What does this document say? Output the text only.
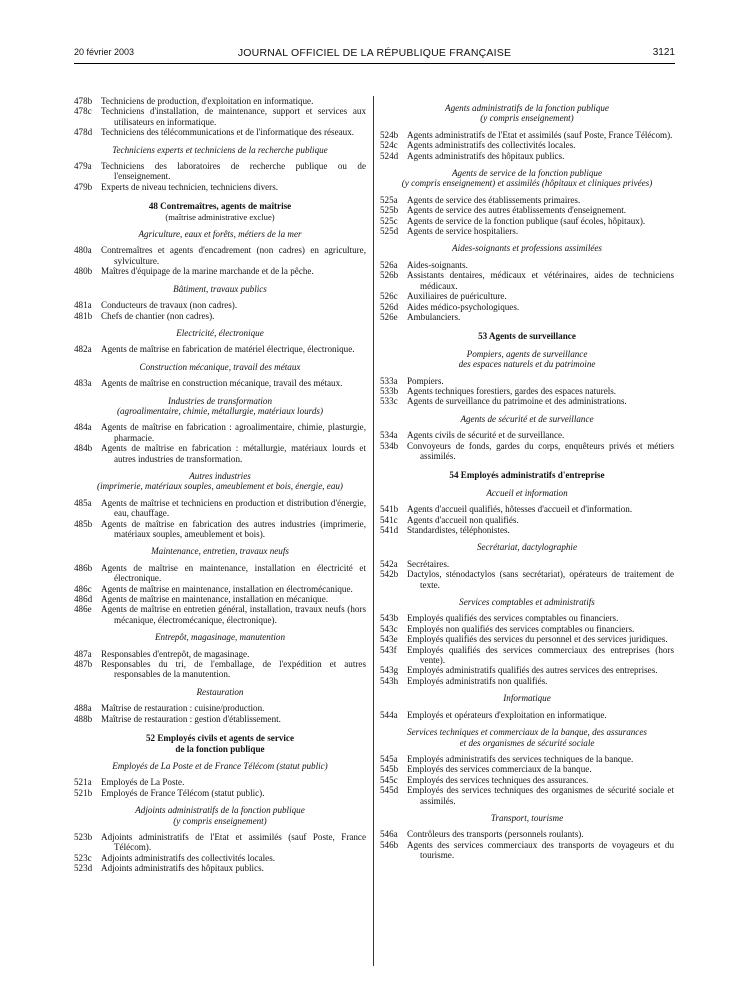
20 février 2003	JOURNAL OFFICIEL DE LA RÉPUBLIQUE FRANÇAISE	3121
478b Techniciens de production, d'exploitation en informatique.
478c Techniciens d'installation, de maintenance, support et services aux utilisateurs en informatique.
478d Techniciens des télécommunications et de l'informatique des réseaux.
Techniciens experts et techniciens de la recherche publique
479a Techniciens des laboratoires de recherche publique ou de l'enseignement.
479b Experts de niveau technicien, techniciens divers.
48 Contremaîtres, agents de maîtrise
(maîtrise administrative exclue)
Agriculture, eaux et forêts, métiers de la mer
480a Contremaîtres et agents d'encadrement (non cadres) en agriculture, sylviculture.
480b Maîtres d'équipage de la marine marchande et de la pêche.
Bâtiment, travaux publics
481a Conducteurs de travaux (non cadres).
481b Chefs de chantier (non cadres).
Electricité, électronique
482a Agents de maîtrise en fabrication de matériel électrique, électronique.
Construction mécanique, travail des métaux
483a Agents de maîtrise en construction mécanique, travail des métaux.
Industries de transformation
(agroalimentaire, chimie, métallurgie, matériaux lourds)
484a Agents de maîtrise en fabrication : agroalimentaire, chimie, plasturgie, pharmacie.
484b Agents de maîtrise en fabrication : métallurgie, matériaux lourds et autres industries de transformation.
Autres industries
(imprimerie, matériaux souples, ameublement et bois, énergie, eau)
485a Agents de maîtrise et techniciens en production et distribution d'énergie, eau, chauffage.
485b Agents de maîtrise en fabrication des autres industries (imprimerie, matériaux souples, ameublement et bois).
Maintenance, entretien, travaux neufs
486b Agents de maîtrise en maintenance, installation en électricité et électronique.
486c Agents de maîtrise en maintenance, installation en électromécanique.
486d Agents de maîtrise en maintenance, installation en mécanique.
486e Agents de maîtrise en entretien général, installation, travaux neufs (hors mécanique, électromécanique, électronique).
Entrepôt, magasinage, manutention
487a Responsables d'entrepôt, de magasinage.
487b Responsables du tri, de l'emballage, de l'expédition et autres responsables de la manutention.
Restauration
488a Maîtrise de restauration : cuisine/production.
488b Maîtrise de restauration : gestion d'établissement.
52 Employés civils et agents de service
de la fonction publique
Employés de La Poste et de France Télécom (statut public)
521a Employés de La Poste.
521b Employés de France Télécom (statut public).
Adjoints administratifs de la fonction publique
(y compris enseignement)
523b Adjoints administratifs de l'Etat et assimilés (sauf Poste, France Télécom).
523c Adjoints administratifs des collectivités locales.
523d Adjoints administratifs des hôpitaux publics.
Agents administratifs de la fonction publique
(y compris enseignement)
524b Agents administratifs de l'Etat et assimilés (sauf Poste, France Télécom).
524c Agents administratifs des collectivités locales.
524d Agents administratifs des hôpitaux publics.
Agents de service de la fonction publique
(y compris enseignement) et assimilés (hôpitaux et cliniques privées)
525a Agents de service des établissements primaires.
525b Agents de service des autres établissements d'enseignement.
525c Agents de service de la fonction publique (sauf écoles, hôpitaux).
525d Agents de service hospitaliers.
Aides-soignants et professions assimilées
526a Aides-soignants.
526b Assistants dentaires, médicaux et vétérinaires, aides de techniciens médicaux.
526c Auxiliaires de puériculture.
526d Aides médico-psychologiques.
526e Ambulanciers.
53 Agents de surveillance
Pompiers, agents de surveillance
des espaces naturels et du patrimoine
533a Pompiers.
533b Agents techniques forestiers, gardes des espaces naturels.
533c Agents de surveillance du patrimoine et des administrations.
Agents de sécurité et de surveillance
534a Agents civils de sécurité et de surveillance.
534b Convoyeurs de fonds, gardes du corps, enquêteurs privés et métiers assimilés.
54 Employés administratifs d'entreprise
Accueil et information
541b Agents d'accueil qualifiés, hôtesses d'accueil et d'information.
541c Agents d'accueil non qualifiés.
541d Standardistes, téléphonistes.
Secrétariat, dactylographie
542a Secrétaires.
542b Dactylos, sténodactylos (sans secrétariat), opérateurs de traitement de texte.
Services comptables et administratifs
543b Employés qualifiés des services comptables ou financiers.
543c Employés non qualifiés des services comptables ou financiers.
543e Employés qualifiés des services du personnel et des services juridiques.
543f Employés qualifiés des services commerciaux des entreprises (hors vente).
543g Employés administratifs qualifiés des autres services des entreprises.
543h Employés administratifs non qualifiés.
Informatique
544a Employés et opérateurs d'exploitation en informatique.
Services techniques et commerciaux de la banque, des assurances
et des organismes de sécurité sociale
545a Employés administratifs des services techniques de la banque.
545b Employés des services commerciaux de la banque.
545c Employés des services techniques des assurances.
545d Employés des services techniques des organismes de sécurité sociale et assimilés.
Transport, tourisme
546a Contrôleurs des transports (personnels roulants).
546b Agents des services commerciaux des transports de voyageurs et du tourisme.
